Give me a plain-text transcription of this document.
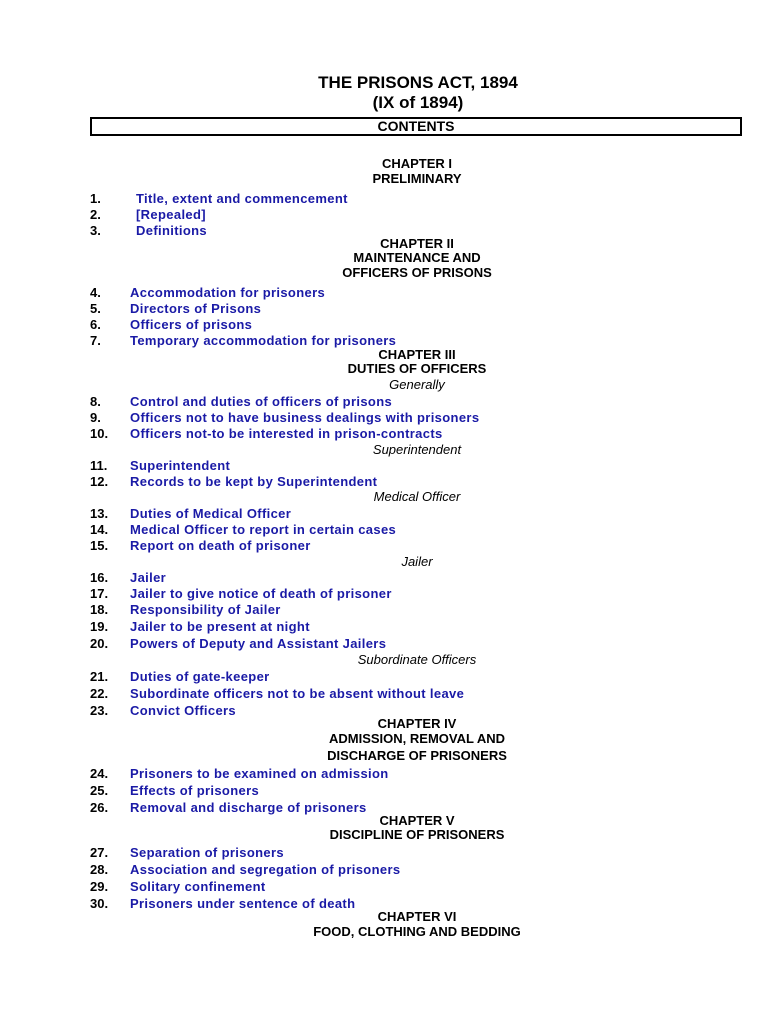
THE PRISONS ACT, 1894
(IX of 1894)
CONTENTS
CHAPTER I
PRELIMINARY
1.	Title, extent and commencement
2.	[Repealed]
3.	Definitions
CHAPTER II
MAINTENANCE AND
OFFICERS OF PRISONS
4. Accommodation for prisoners
5. Directors of Prisons
6. Officers of prisons
7. Temporary accommodation for prisoners
CHAPTER III
DUTIES OF OFFICERS
Generally
8. Control and duties of officers of prisons
9. Officers not to have business dealings with prisoners
10. Officers not-to be interested in prison-contracts
Superintendent
11. Superintendent
12. Records to be kept by Superintendent
Medical Officer
13. Duties of Medical Officer
14. Medical Officer to report in certain cases
15. Report on death of prisoner
Jailer
16. Jailer
17. Jailer to give notice of death of prisoner
18. Responsibility of Jailer
19. Jailer to be present at night
20. Powers of Deputy and Assistant Jailers
Subordinate Officers
21. Duties of gate-keeper
22. Subordinate officers not to be absent without leave
23. Convict Officers
CHAPTER IV
ADMISSION, REMOVAL AND
DISCHARGE OF PRISONERS
24. Prisoners to be examined on admission
25. Effects of prisoners
26. Removal and discharge of prisoners
CHAPTER V
DISCIPLINE OF PRISONERS
27. Separation of prisoners
28. Association and segregation of prisoners
29. Solitary confinement
30. Prisoners under sentence of death
CHAPTER VI
FOOD, CLOTHING AND BEDDING
